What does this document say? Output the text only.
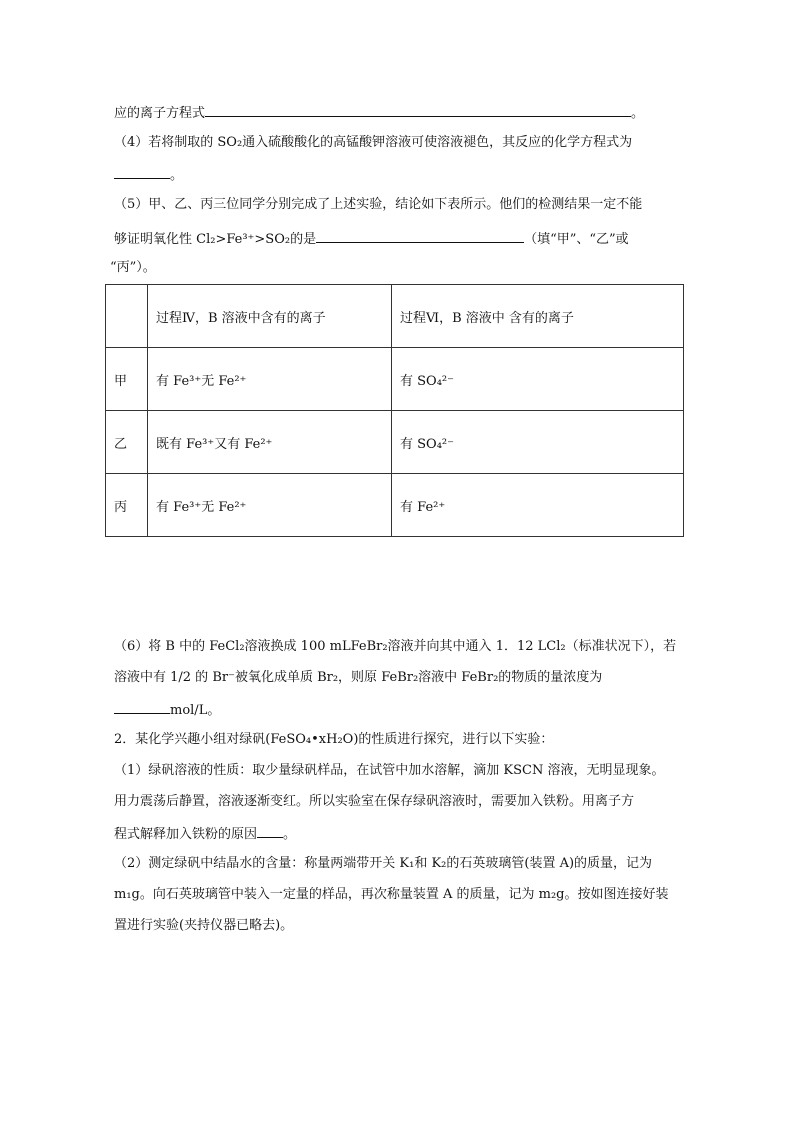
应的离子方程式	。
（4）若将制取的 SO₂通入硫酸酸化的高锰酸钾溶液可使溶液褪色，其反应的化学方程式为
。
（5）甲、乙、丙三位同学分别完成了上述实验，结论如下表所示。他们的检测结果一定不能
够证明氧化性 Cl₂>Fe³⁺>SO₂的是	（填“甲”、“乙”或
“丙”）。
	过程Ⅳ，B 溶液中含有的离子	过程Ⅵ，B 溶液中 含有的离子
甲	有 Fe³⁺无 Fe²⁺	有 SO₄²⁻
乙	既有 Fe³⁺又有 Fe²⁺	有 SO₄²⁻
丙	有 Fe³⁺无 Fe²⁺	有 Fe²⁺
（6）将 B 中的 FeCl₂溶液换成 100 mLFeBr₂溶液并向其中通入 1．12 LCl₂（标准状况下），若
溶液中有 1/2 的 Br⁻被氧化成单质 Br₂，则原 FeBr₂溶液中 FeBr₂的物质的量浓度为
mol/L。
2．某化学兴趣小组对绿矾(FeSO₄•xH₂O)的性质进行探究，进行以下实验：
（1）绿矾溶液的性质：取少量绿矾样品，在试管中加水溶解，滴加 KSCN 溶液，无明显现象。
用力震荡后静置，溶液逐渐变红。所以实验室在保存绿矾溶液时，需要加入铁粉。用离子方
程式解释加入铁粉的原因 。
（2）测定绿矾中结晶水的含量：称量两端带开关 K₁和 K₂的石英玻璃管(装置 A)的质量，记为
m₁g。向石英玻璃管中装入一定量的样品，再次称量装置 A 的质量，记为 m₂g。按如图连接好装
置进行实验(夹持仪器已略去)。
